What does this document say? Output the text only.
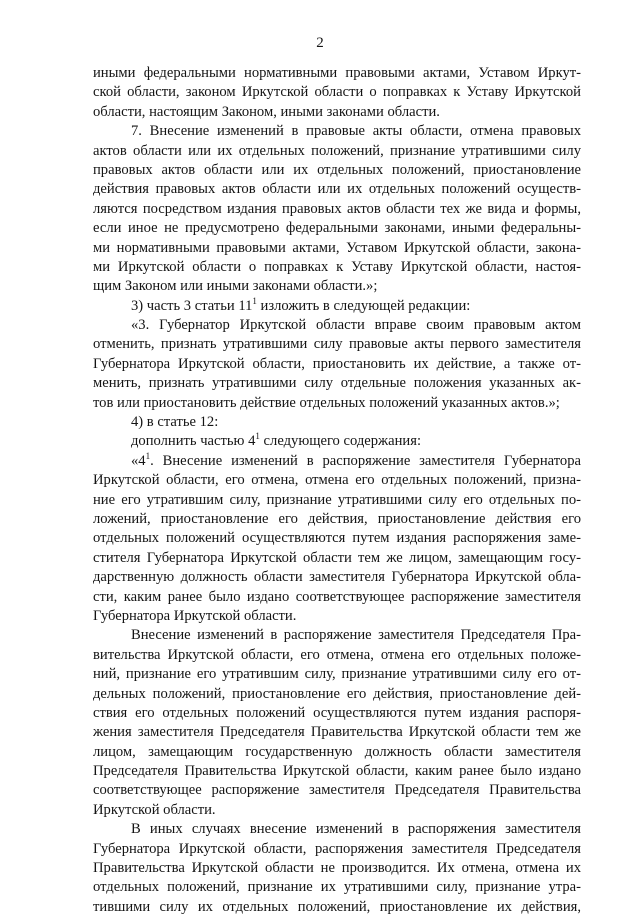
2
иными федеральными нормативными правовыми актами, Уставом Иркут-
ской области, законом Иркутской области о поправках к Уставу Иркутской
области, настоящим Законом, иными законами области.
7. Внесение изменений в правовые акты области, отмена правовых
актов области или их отдельных положений, признание утратившими силу
правовых актов области или их отдельных положений, приостановление
действия правовых актов области или их отдельных положений осуществ-
ляются посредством издания правовых актов области тех же вида и формы,
если иное не предусмотрено федеральными законами, иными федеральны-
ми нормативными правовыми актами, Уставом Иркутской области, закона-
ми Иркутской области о поправках к Уставу Иркутской области, настоя-
щим Законом или иными законами области.»;
3) часть 3 статьи $11^1$ изложить в следующей редакции:
«3. Губернатор Иркутской области вправе своим правовым актом
отменить, признать утратившими силу правовые акты первого заместителя
Губернатора Иркутской области, приостановить их действие, а также от-
менить, признать утратившими силу отдельные положения указанных ак-
тов или приостановить действие отдельных положений указанных актов.»;
4) в статье 12:
дополнить частью $4^1$ следующего содержания:
«$4^1$. Внесение изменений в распоряжение заместителя Губернатора
Иркутской области, его отмена, отмена его отдельных положений, призна-
ние его утратившим силу, признание утратившими силу его отдельных по-
ложений, приостановление его действия, приостановление действия его
отдельных положений осуществляются путем издания распоряжения заме-
стителя Губернатора Иркутской области тем же лицом, замещающим госу-
дарственную должность области заместителя Губернатора Иркутской обла-
сти, каким ранее было издано соответствующее распоряжение заместителя
Губернатора Иркутской области.
Внесение изменений в распоряжение заместителя Председателя Пра-
вительства Иркутской области, его отмена, отмена его отдельных положе-
ний, признание его утратившим силу, признание утратившими силу его от-
дельных положений, приостановление его действия, приостановление дей-
ствия его отдельных положений осуществляются путем издания распоря-
жения заместителя Председателя Правительства Иркутской области тем же
лицом, замещающим государственную должность области заместителя
Председателя Правительства Иркутской области, каким ранее было издано
соответствующее распоряжение заместителя Председателя Правительства
Иркутской области.
В иных случаях внесение изменений в распоряжения заместителя
Губернатора Иркутской области, распоряжения заместителя Председателя
Правительства Иркутской области не производится. Их отмена, отмена их
отдельных положений, признание их утратившими силу, признание утра-
тившими силу их отдельных положений, приостановление их действия,
